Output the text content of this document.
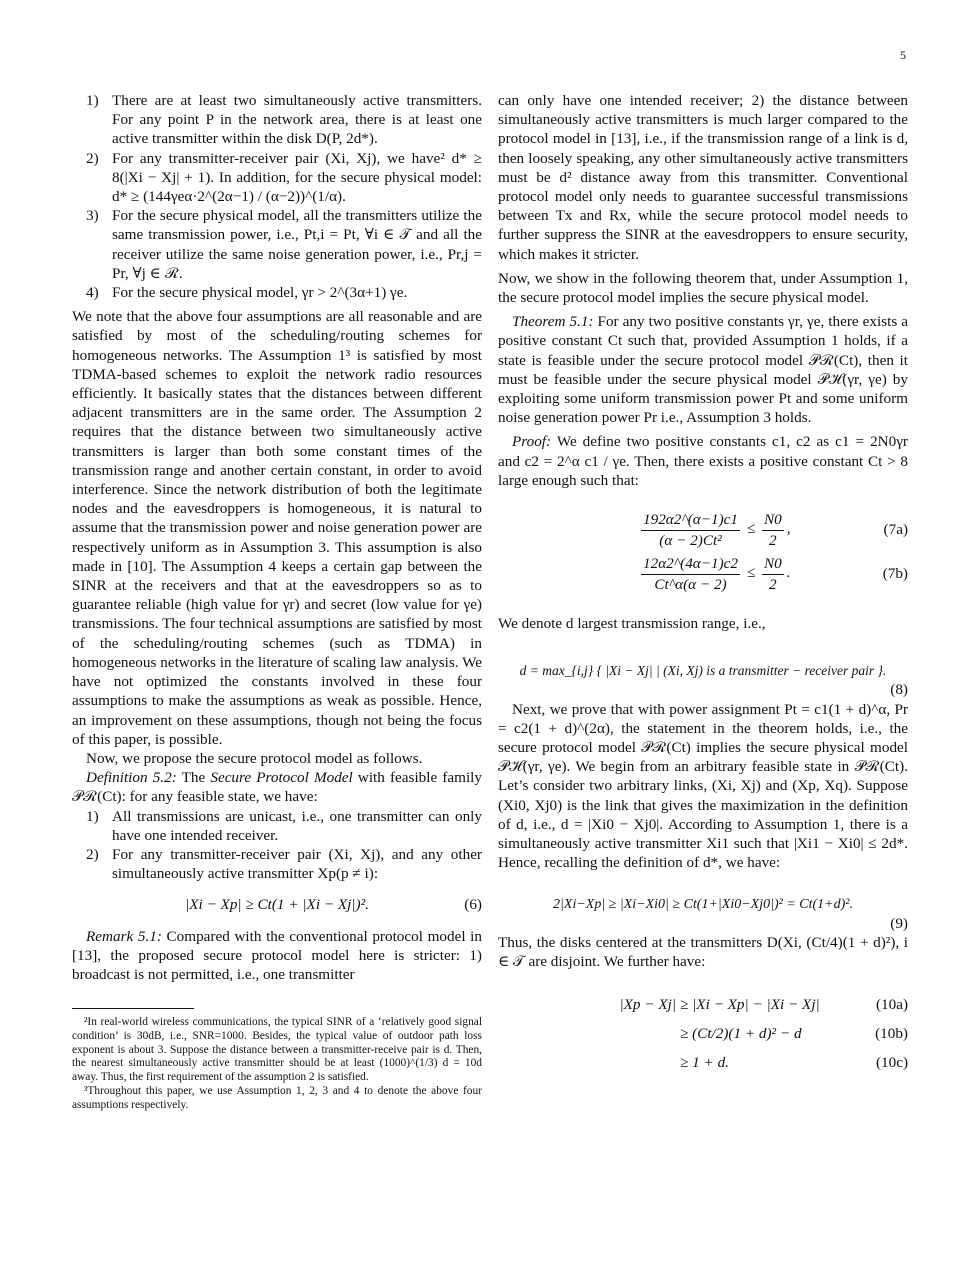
5
1) There are at least two simultaneously active transmitters. For any point P in the network area, there is at least one active transmitter within the disk D(P, 2d*).
2) For any transmitter-receiver pair (Xi, Xj), we have² d* ≥ 8(|Xi − Xj| + 1). In addition, for the secure physical model: d* ≥ (144γeα·2^(2α−1) / (α−2))^(1/α).
3) For the secure physical model, all the transmitters utilize the same transmission power, i.e., Pt,i = Pt, ∀i ∈ 𝒯 and all the receiver utilize the same noise generation power, i.e., Pr,j = Pr, ∀j ∈ ℛ.
4) For the secure physical model, γr > 2^(3α+1) γe.

We note that the above four assumptions are all reasonable and are satisfied by most of the scheduling/routing schemes for homogeneous networks. The Assumption 1³ is satisfied by most TDMA-based schemes to exploit the network radio resources efficiently. It basically states that the distances between different adjacent transmitters are in the same order. The Assumption 2 requires that the distance between two simultaneously active transmitters is larger than both some constant times of the transmission range and another certain constant, in order to avoid interference. Since the network distribution of both the legitimate nodes and the eavesdroppers is homogeneous, it is natural to assume that the transmission power and noise generation power are respectively uniform as in Assumption 3. This assumption is also made in [10]. The Assumption 4 keeps a certain gap between the SINR at the receivers and that at the eavesdroppers so as to guarantee reliable (high value for γr) and secret (low value for γe) transmissions. The four technical assumptions are satisfied by most of the scheduling/routing schemes (such as TDMA) in homogeneous networks in the literature of scaling law analysis. We have not optimized the constants involved in these four assumptions to make the assumptions as weak as possible. Hence, an improvement on these assumptions, though not being the focus of this paper, is possible.

Now, we propose the secure protocol model as follows.

Definition 5.2: The Secure Protocol Model with feasible family 𝒫ℛ(Ct): for any feasible state, we have:

1) All transmissions are unicast, i.e., one transmitter can only have one intended receiver.
2) For any transmitter-receiver pair (Xi, Xj), and any other simultaneously active transmitter Xp(p ≠ i):
|Xi − Xp| ≥ Ct(1 + |Xi − Xj|)².	(6)

Remark 5.1: Compared with the conventional protocol model in [13], the proposed secure protocol model here is stricter: 1) broadcast is not permitted, i.e., one transmitter

²In real-world wireless communications, the typical SINR of a ‘relatively good signal condition’ is 30dB, i.e., SNR=1000. Besides, the typical value of outdoor path loss exponent is about 3. Suppose the distance between a transmitter-receive pair is d. Then, the nearest simultaneously active transmitter should be at least (1000)^(1/3) d = 10d away. Thus, the first requirement of the assumption 2 is satisfied.

³Throughout this paper, we use Assumption 1, 2, 3 and 4 to denote the above four assumptions respectively.

can only have one intended receiver; 2) the distance between simultaneously active transmitters is much larger compared to the protocol model in [13], i.e., if the transmission range of a link is d, then loosely speaking, any other simultaneously active transmitters must be d² distance away from this transmitter. Conventional protocol model only needs to guarantee successful transmissions between Tx and Rx, while the secure protocol model needs to further suppress the SINR at the eavesdroppers to ensure security, which makes it stricter.

Now, we show in the following theorem that, under Assumption 1, the secure protocol model implies the secure physical model.

Theorem 5.1: For any two positive constants γr, γe, there exists a positive constant Ct such that, provided Assumption 1 holds, if a state is feasible under the secure protocol model 𝒫ℛ(Ct), then it must be feasible under the secure physical model 𝒫ℋ(γr, γe) by exploiting some uniform transmission power Pt and some uniform noise generation power Pr i.e., Assumption 3 holds.

Proof: We define two positive constants c1, c2 as c1 = 2N0γr and c2 = 2^α c1 / γe. Then, there exists a positive constant Ct > 8 large enough such that:

$\frac{192\alpha 2\^{}(\alpha-1)c1}{\text{(α − 2)Ct²}} \le \frac{N0}{2}$ ,	(7a)
$\frac{12\alpha 2\^{}(4\alpha-1)c2}{Ct\^{}\alpha(\alpha - 2)} \le \frac{N0}{2}$ .	(7b)

We denote d largest transmission range, i.e.,

d = max_{i,j} { |Xi − Xj| | (Xi, Xj) is a transmitter − receiver pair }.
(8)

Next, we prove that with power assignment Pt = c1(1 + d)^α, Pr = c2(1 + d)^(2α), the statement in the theorem holds, i.e., the secure protocol model 𝒫ℛ(Ct) implies the secure physical model 𝒫ℋ(γr, γe). We begin from an arbitrary feasible state in 𝒫ℛ(Ct). Let’s consider two arbitrary links, (Xi, Xj) and (Xp, Xq). Suppose (Xi0, Xj0) is the link that gives the maximization in the definition of d, i.e., d = |Xi0 − Xj0|. According to Assumption 1, there is a simultaneously active transmitter Xi1 such that |Xi1 − Xi0| ≤ 2d*. Hence, recalling the definition of d*, we have:

2|Xi−Xp| ≥ |Xi−Xi0| ≥ Ct(1+|Xi0−Xj0|)² = Ct(1+d)².
(9)

Thus, the disks centered at the transmitters D(Xi, (Ct/4)(1 + d)²), i ∈ 𝒯 are disjoint. We further have:

|Xp − Xj| ≥ |Xi − Xp| − |Xi − Xj|	(10a)
≥ (Ct/2)(1 + d)² − d	(10b)
≥ 1 + d.	(10c)
